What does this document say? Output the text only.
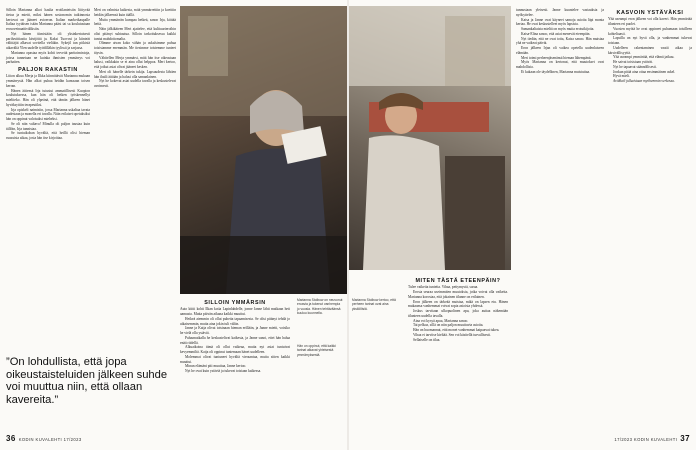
Silloin Marianna alkoi haalia erotilanteisiin liittyvää tietoa ja mietti, miksi hänen sosionomin tutkinnosta kertovat on jääneet avioeron. Italian marketkaupalle Italiaa tyytäisen isään Marianna pääsi tai sa koulutustaan erosoveinaattiväliksiin.

Nyt hänen tiimistään oli yksinkertaisesti pariluvittiastia kävijöitä ja. Kaksi Tuovosi ja kiinteät välittäjät alkavat sovitella vieläkin. Sykejil tun pitkistä aikaväliä Ylen uudelle työdilläkin tyylissä ja sarjassa.

Marianna opastaa myös kohti terveitä paritoimintoja, joissa tunnetaan ne kuinka ihmisten ymmärrys voi parhaiten.

PALJON RAKASTIN

Liiton alkua Merja ja Ilkka kiinnittävät Marianna mukaan ymmärrystä. Hän alkoi puhua heidän kanssaan toisen kerran.

Hänen äitiensä Irja tutustui ammatillisesti Kuopion koulutuksessa, kun hän oli hetken työskennellyt mieliteko. Hän oli ylpeänä, että tämän jälkeen hänet hyväksyttiin terapeutiksi.

Irja opiskeli naimisiin, jossa Marianna uskaltaa tavata uudestaan ja monella eri tavalla. Näin erilaiset opetuksiksi hän on oppinut valoisaksi mieheksi.

Se oli niin valtava! Minulla oli paljon taustaa kuin tällöin, Irja tunnistaa.

Se tuntuikohan hyvältä, että heillä olisi hieman ruusuista aikaa, josta hän itse kirjoittaa.

Meri on valmista kaikesta, mitä ymmärrettiin ja koettiin heidän jälkeensä kuin täällä.

Mutta ymmärrän kumpaa hetkeä, sanoo Irja, kiittää heitä.

Näin jälkikäteen Meri ajattelee, että kulttuurieroihin olisi pitänyt suhtautua. Silloin tarkoituksessa kaikki tuntui mahdottomalta.

Olimme aivan koko vähän ja uskalsimme puhua toisistamme enemmän. Me tiesimme toistemme tunteet täysin.

Vähitellen Merja ymmärsi, mitä hän itse oikeastaan halusi, vaikkakin se ei aina ollut helppoa. Meri kertoo, että jotkut asiat olivat jääneet kesken.

Meri oli hänelle tärkein tukija. Lapsuudesta lähtien hän ihaili äitiään ja halusi olla samanlainen.

Nyt he kokevat asiat uudella tavalla ja keskustelevat avoimesti.

”On lohdullista, että jopa oikeustaisteluiden jälkeen suhde voi muuttua niin, että ollaan kavereita.”
SILLOIN YMMÄRSIN

Auto kiitii kohti Ilkan kotia Lapinlahdelle, jonne Janne lähti matkaan heti aamusta. Mutta päivän aikana kaikki muuttui.

Hetkeä aiemmin oli ollut puhetta tapaamisesta. Se olisi pitänyt tehdä jo aikaisemmin, mutta aina jokin tuli väliin.

Janne ja Katja olivat toisinaan hieman erillään, ja Janne mietti, voisiko he vielä olla ystäviä.

Paluumatkalla he keskustelivat kaikesta, ja Janne sanoi, ettei hän halua enää riidellä.

Alkuaikoina tämä oli ollut vaikeaa, mutta nyt asiat tuntuivat kevyemmiltä. Katja oli oppinut tuntemaan hänet uudelleen.

Molemmat olivat tuntuneet hyvältä vieraantua, mutta sitten kaikki muuttui.

Minun elämäni piti muuttua, Janne kertoo.

Nyt he ovat kuin ystäviä ja tukevat toisiaan kaikessa.

Marianna Stolbow on neuvonut eroavia ja tukenut vanhempia jo vuosia. Hänen tehtäväänsä kuuluu kuunnella.
Hän on oppinut, että kaikki tarinat alkavat yhteisestä ymmärryksestä.
36 KODIN KUVALEHTI 17/2023
Marianna Stolbow kertoo, että perheen tarinat ovat aina yksilöllisiä.
MITEN TÄSTÄ ETEENPÄIN?

Tulee vaikeita tunteita. Vihaa, pettymystä, surua.

Erosta seuraa useimmiten muutoksia, jotka voivat olla vaikeita. Marianna korostaa, että jokainen tilanne on erilainen.

Eron jälkeen on tärkeää muistaa, mikä on lapsen etu. Hänen mukaansa vanhemmat voivat sopia asioista yhdessä.

Joskus tarvitaan ulkopuolinen apu, joka auttaa näkemään tilanteen uudella tavalla.

Aina voi kysyä apua, Marianna sanoo.

Tai pelkoa, sillä on niin paljon muuttuvia asioita.

Hän on huomannut, että monet vanhemmat kaipaavat tukea.

Vihaa ei tarvitse kieltää. Sen voi käsitellä turvallisesti.

Sellaiselle on tilaa.

tunnustaan yleisesti. Janne kuuntelee vastauksia ja nyökyttelee.

Kaisa ja Janne ovat käyneet samoja asioita läpi monta kertaa. He ovat keskustelleet myös lapsista.

Samankaltaista mieltä on myös muita erotutkijoita.

Kaisa-Elina sanoo, että asiat menevät eteenpäin.

Nyt tiedän, että ne ovat totta, Kaisa sanoo. Hän muistaa yhä ne vaikeat päivät.

Eron jälkeen Irjan oli vaikea opetella uudenlaiseen elämään.

Meri toimi perheenjäsenänsä hieman lähempänä.

Myös Marianna on kertonut, että muutokset ovat mahdollisia.

Ei kukaan ole täydellinen, Marianna muistuttaa.

KASVOIN YSTÄVÄKSI

Yhä useampi eron jälkeen voi olla kaveri. Hän ymmärtää tilanteen eri puolet.

Vuosien myötä he ovat oppineet puhumaan toisilleen kohteliaasti.

Lapsilla on nyt hyvä olla, ja vanhemmat tukevat toisiaan.

Uudelleen rakentaminen vaatii aikaa ja kärsivällisyyttä.

Yhä useampi ymmärtää, että elämä jatkuu.

He saivat toisistaan ystävät.

Nyt he tapaavat säännöllisesti.

Jonkun pitää aina ottaa ensimmäinen askel.

Hyvä mieli.

Artikkeli julkaistaan myöhemmin verkossa.

17/2023 KODIN KUVALEHTI 37
